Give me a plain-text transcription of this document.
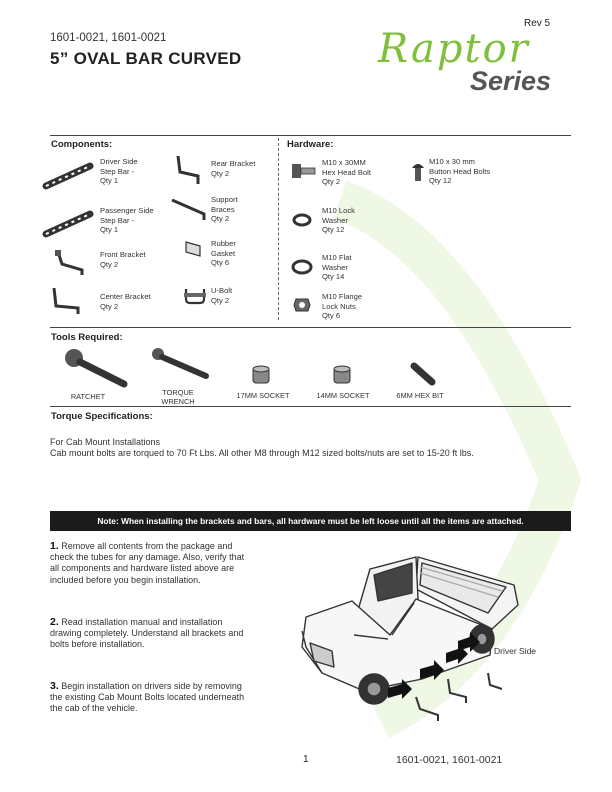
Rev 5
1601-0021, 1601-0021
5” OVAL BAR CURVED	Raptor
Series
Components:	Hardware:
Driver Side
Step Bar -
Qty 1
Passenger Side
Step Bar -
Qty 1
Front Bracket
Qty 2
Center Bracket
Qty 2
Rear Bracket
Qty 2
Support
Braces
Qty 2
Rubber
Gasket
Qty 6
U-Bolt
Qty 2
M10 x 30MM
Hex Head Bolt
Qty 2
M10 Lock
Washer
Qty 12
M10 Flat
Washer
Qty 14
M10 Flange
Lock Nuts
Qty 6
M10 x 30 mm
Button Head Bolts
Qty 12
Tools Required:
RATCHET	TORQUE
WRENCH
17MM SOCKET	14MM SOCKET	6MM HEX BIT
Torque Specifications:
For Cab Mount Installations
Cab mount bolts are torqued to 70 Ft Lbs. All other M8 through M12 sized bolts/nuts are set to 15-20 ft lbs.
Note: When installing the brackets and bars, all hardware must be left loose until all the items are attached.
1. Remove all contents from the package and check the tubes for any damage. Also, verify that all components and hardware listed above are included before you begin installation.
2. Read installation manual and installation drawing completely. Understand all brackets and bolts before installation.
3. Begin installation on drivers side by removing the existing Cab Mount Bolts located underneath the cab of the vehicle.
Driver Side
1	1601-0021, 1601-0021
